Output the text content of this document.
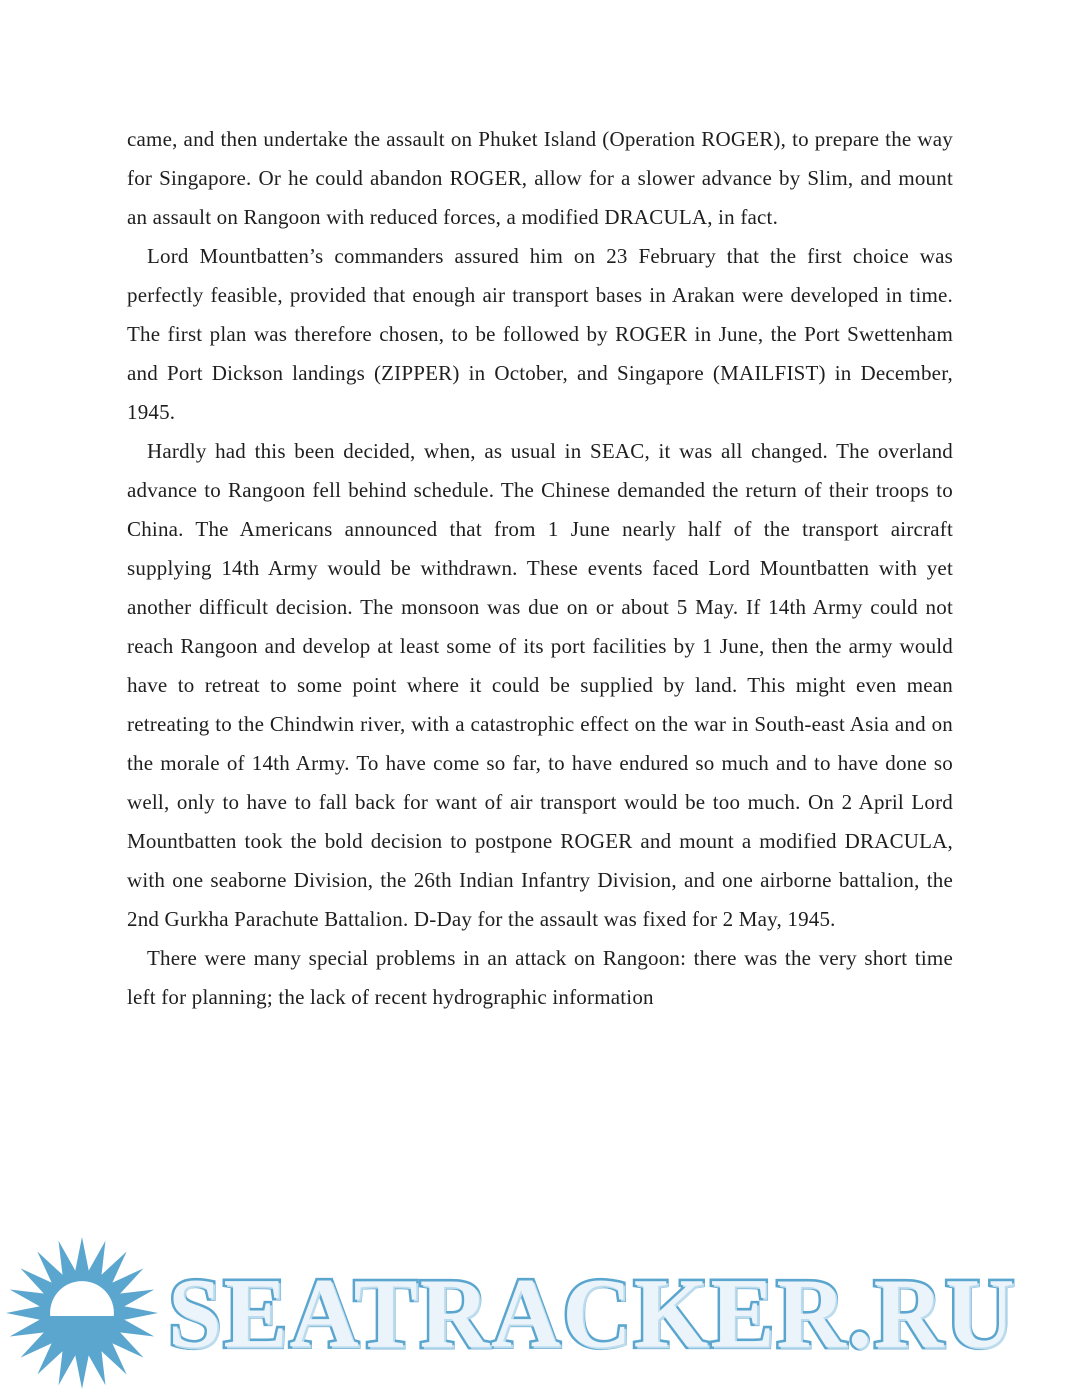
came, and then undertake the assault on Phuket Island (Operation ROGER), to prepare the way for Singapore. Or he could abandon ROGER, allow for a slower advance by Slim, and mount an assault on Rangoon with reduced forces, a modified DRACULA, in fact.

Lord Mountbatten’s commanders assured him on 23 February that the first choice was perfectly feasible, provided that enough air transport bases in Arakan were developed in time. The first plan was therefore chosen, to be followed by ROGER in June, the Port Swettenham and Port Dickson landings (ZIPPER) in October, and Singapore (MAILFIST) in December, 1945.

Hardly had this been decided, when, as usual in SEAC, it was all changed. The overland advance to Rangoon fell behind schedule. The Chinese demanded the return of their troops to China. The Americans announced that from 1 June nearly half of the transport aircraft supplying 14th Army would be withdrawn. These events faced Lord Mountbatten with yet another difficult decision. The monsoon was due on or about 5 May. If 14th Army could not reach Rangoon and develop at least some of its port facilities by 1 June, then the army would have to retreat to some point where it could be supplied by land. This might even mean retreating to the Chindwin river, with a catastrophic effect on the war in South-east Asia and on the morale of 14th Army. To have come so far, to have endured so much and to have done so well, only to have to fall back for want of air transport would be too much. On 2 April Lord Mountbatten took the bold decision to postpone ROGER and mount a modified DRACULA, with one seaborne Division, the 26th Indian Infantry Division, and one airborne battalion, the 2nd Gurkha Parachute Battalion. D-Day for the assault was fixed for 2 May, 1945.

There were many special problems in an attack on Rangoon: there was the very short time left for planning; the lack of recent hydrographic information

SEATRACKER.RU
